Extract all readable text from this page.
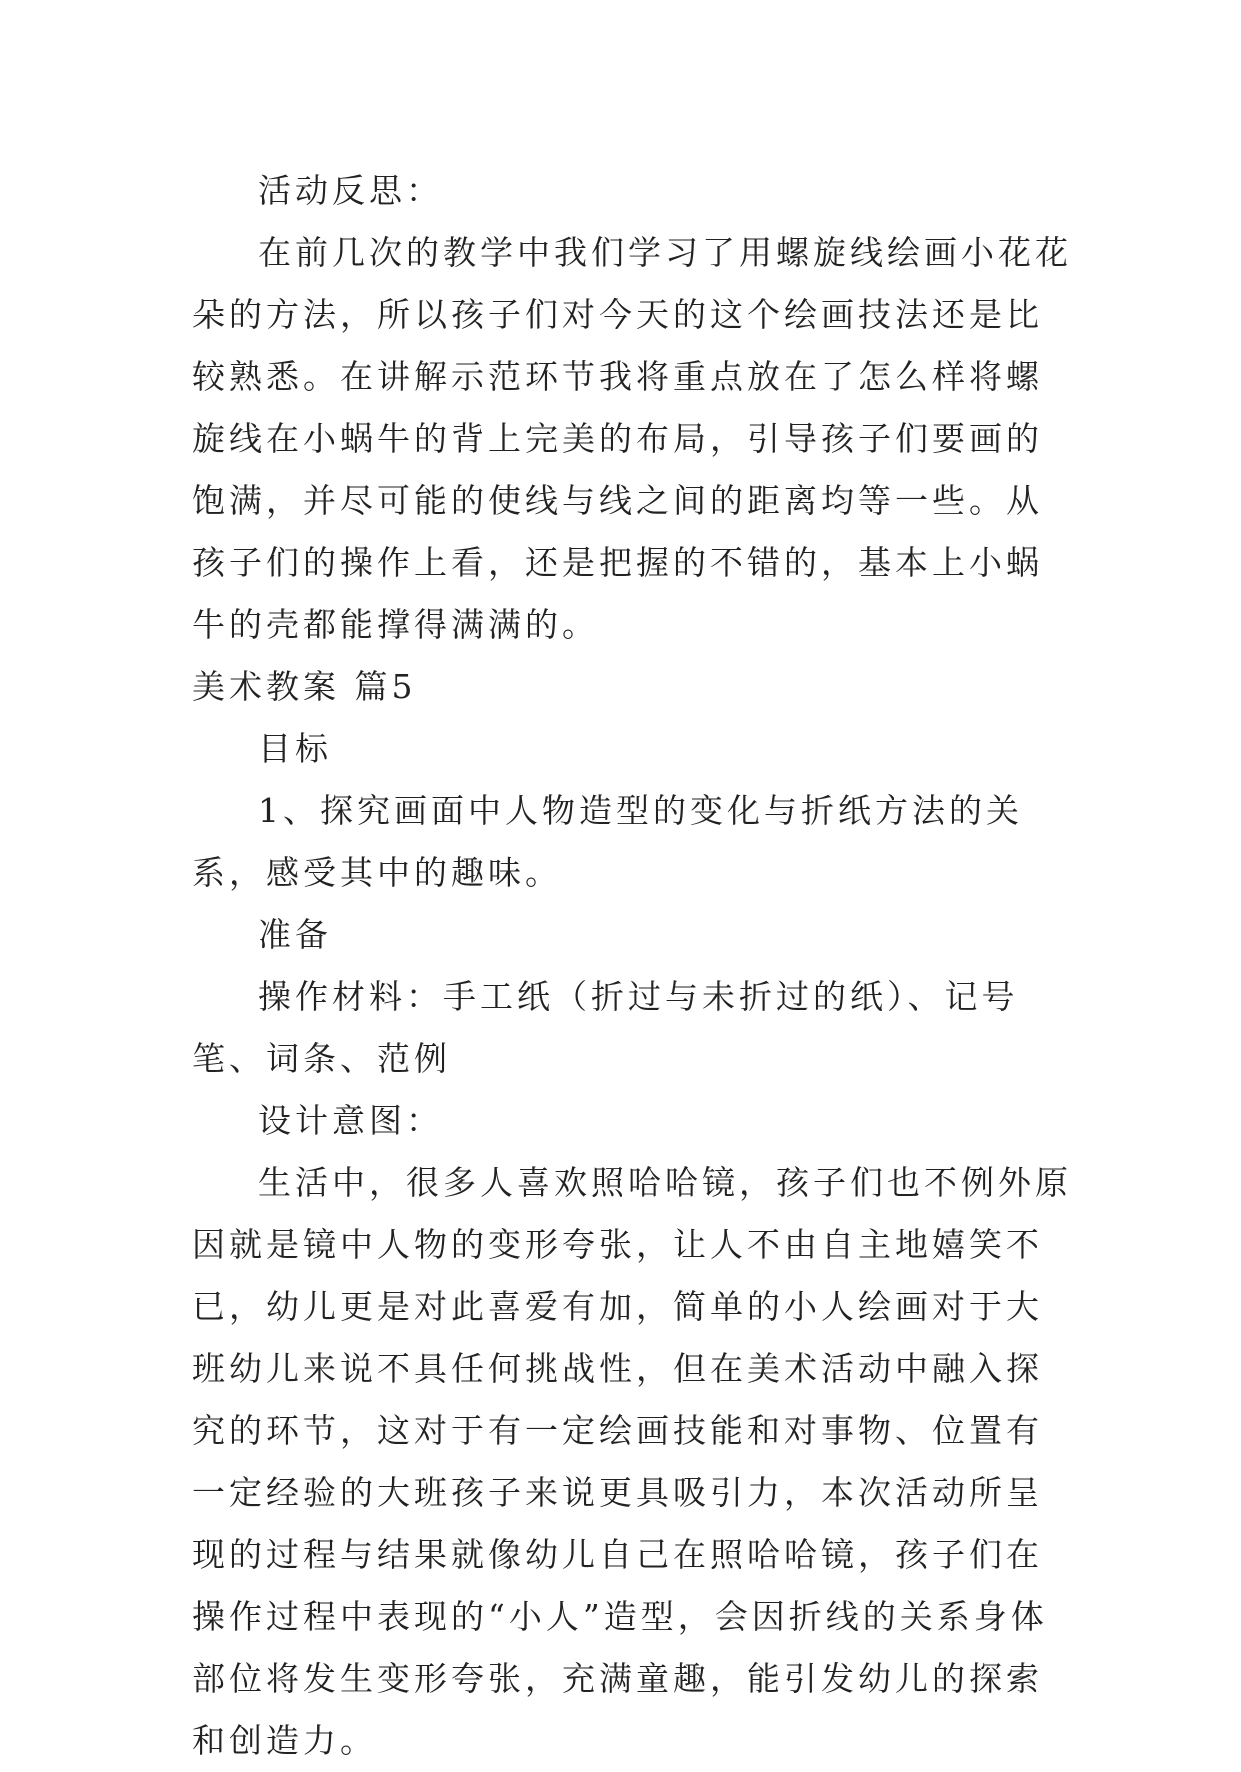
活动反思：

在前几次的教学中我们学习了用螺旋线绘画小花花朵的方法，所以孩子们对今天的这个绘画技法还是比较熟悉。在讲解示范环节我将重点放在了怎么样将螺旋线在小蜗牛的背上完美的布局，引导孩子们要画的饱满，并尽可能的使线与线之间的距离均等一些。从孩子们的操作上看，还是把握的不错的，基本上小蜗牛的壳都能撑得满满的。

美术教案 篇5

目标

1、探究画面中人物造型的变化与折纸方法的关系，感受其中的趣味。

准备

操作材料：手工纸（折过与未折过的纸）、记号笔、词条、范例

设计意图：

生活中，很多人喜欢照哈哈镜，孩子们也不例外原因就是镜中人物的变形夸张，让人不由自主地嬉笑不已，幼儿更是对此喜爱有加，简单的小人绘画对于大班幼儿来说不具任何挑战性，但在美术活动中融入探究的环节，这对于有一定绘画技能和对事物、位置有一定经验的大班孩子来说更具吸引力，本次活动所呈现的过程与结果就像幼儿自己在照哈哈镜，孩子们在操作过程中表现的“小人”造型，会因折线的关系身体部位将发生变形夸张，充满童趣，能引发幼儿的探索和创造力。
